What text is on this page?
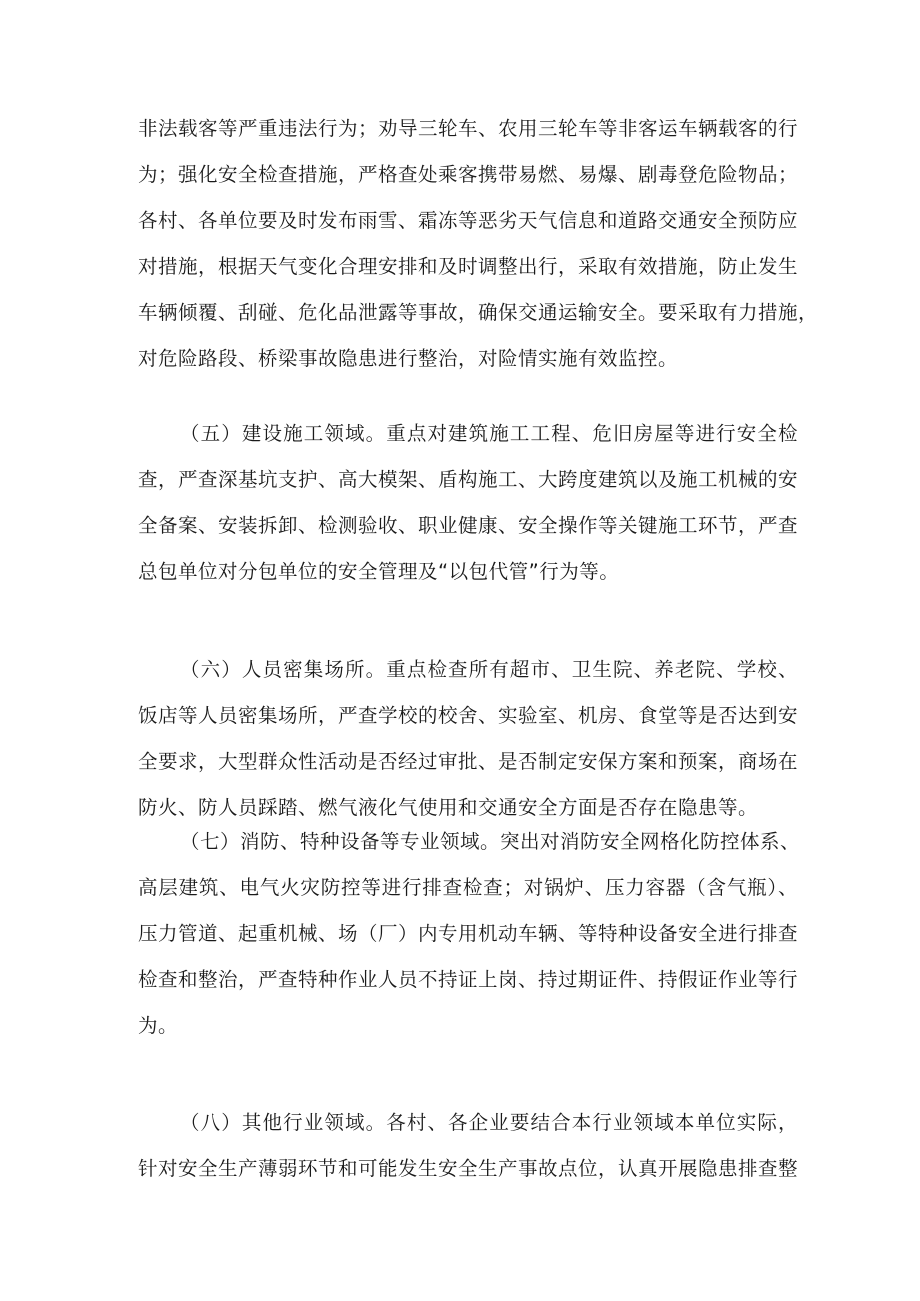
非法载客等严重违法行为；劝导三轮车、农用三轮车等非客运车辆载客的行
为；强化安全检查措施，严格查处乘客携带易燃、易爆、剧毒登危险物品；
各村、各单位要及时发布雨雪、霜冻等恶劣天气信息和道路交通安全预防应
对措施，根据天气变化合理安排和及时调整出行，采取有效措施，防止发生
车辆倾覆、刮碰、危化品泄露等事故，确保交通运输安全。要采取有力措施，
对危险路段、桥梁事故隐患进行整治，对险情实施有效监控。
（五）建设施工领域。重点对建筑施工工程、危旧房屋等进行安全检
查，严查深基坑支护、高大模架、盾构施工、大跨度建筑以及施工机械的安
全备案、安装拆卸、检测验收、职业健康、安全操作等关键施工环节，严查
总包单位对分包单位的安全管理及“以包代管”行为等。
（六）人员密集场所。重点检查所有超市、卫生院、养老院、学校、
饭店等人员密集场所，严查学校的校舍、实验室、机房、食堂等是否达到安
全要求，大型群众性活动是否经过审批、是否制定安保方案和预案，商场在
防火、防人员踩踏、燃气液化气使用和交通安全方面是否存在隐患等。
（七）消防、特种设备等专业领域。突出对消防安全网格化防控体系、
高层建筑、电气火灾防控等进行排查检查；对锅炉、压力容器（含气瓶）、
压力管道、起重机械、场（厂）内专用机动车辆、等特种设备安全进行排查
检查和整治，严查特种作业人员不持证上岗、持过期证件、持假证作业等行
为。
（八）其他行业领域。各村、各企业要结合本行业领域本单位实际，
针对安全生产薄弱环节和可能发生安全生产事故点位，认真开展隐患排查整
